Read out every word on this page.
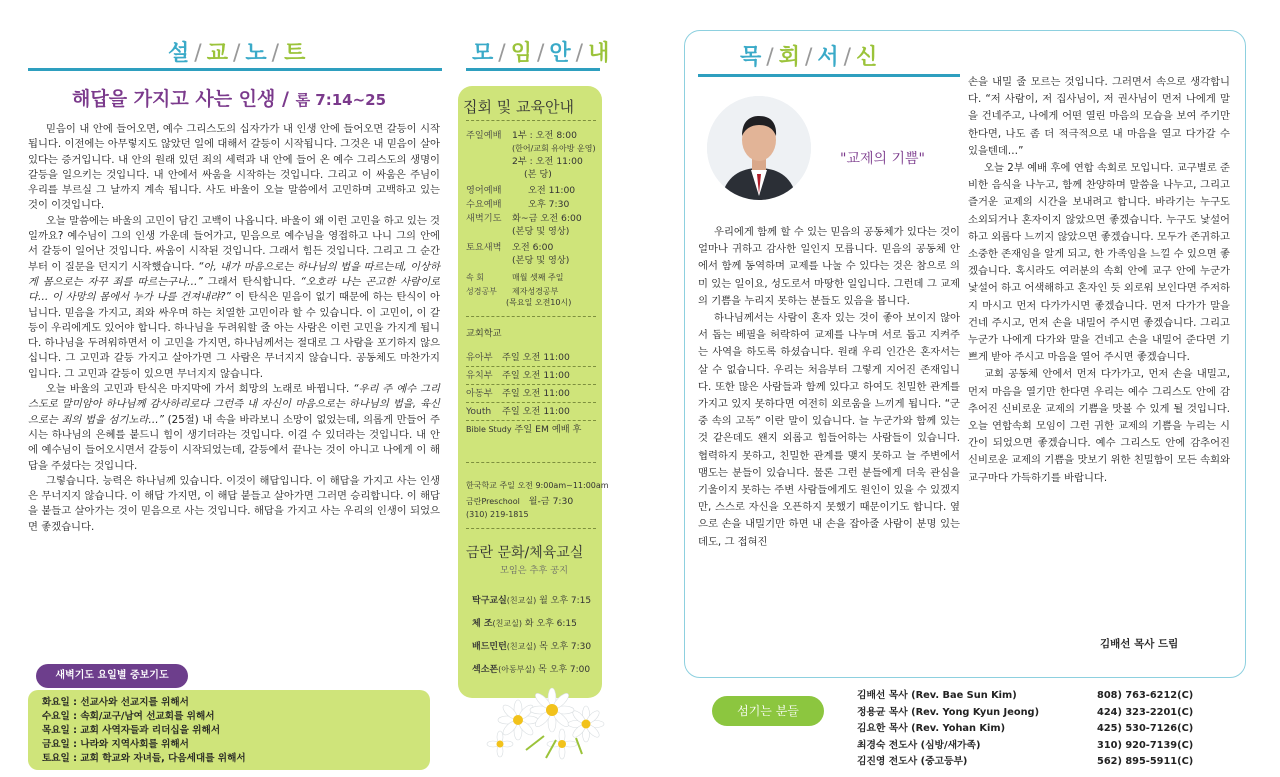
설 / 교 / 노 / 트
해답을 가지고 사는 인생 / 롬 7:14~25

믿음이 내 안에 들어오면, 예수 그리스도의 십자가가 내 인생 안에 들어오면 갈등이 시작됩니다. 이전에는 아무렇지도 않았던 일에 대해서 갈등이 시작됩니다. 그것은 내 믿음이 살아 있다는 증거입니다. 내 안의 원래 있던 죄의 세력과 내 안에 들어 온 예수 그리스도의 생명이 갈등을 일으키는 것입니다. 내 안에서 싸움을 시작하는 것입니다. 그리고 이 싸움은 주님이 우리를 부르실 그 날까지 계속 됩니다. 사도 바울이 오늘 말씀에서 고민하며 고백하고 있는 것이 이것입니다.

오늘 말씀에는 바울의 고민이 담긴 고백이 나옵니다. 바울이 왜 이런 고민을 하고 있는 것일까요? 예수님이 그의 인생 가운데 들어가고, 믿음으로 예수님을 영접하고 나니 그의 안에서 갈등이 일어난 것입니다. 싸움이 시작된 것입니다. 그래서 힘든 것입니다. 그리고 그 순간부터 이 질문을 던지기 시작했습니다. “아, 내가 마음으로는 하나님의 법을 따르는데, 이상하게 몸으로는 자꾸 죄를 따르는구나…” 그래서 탄식합니다. “오호라 나는 곤고한 사람이로다… 이 사망의 몸에서 누가 나를 건져내랴?” 이 탄식은 믿음이 없기 때문에 하는 탄식이 아닙니다. 믿음을 가지고, 죄와 싸우며 하는 치열한 고민이라 할 수 있습니다. 이 고민이, 이 갈등이 우리에게도 있어야 합니다. 하나님을 두려워할 줄 아는 사람은 이런 고민을 가지게 됩니다. 하나님을 두려워하면서 이 고민을 가지면, 하나님께서는 절대로 그 사람을 포기하지 않으십니다. 그 고민과 갈등 가지고 살아가면 그 사람은 무너지지 않습니다. 공동체도 마찬가지 입니다. 그 고민과 갈등이 있으면 무너지지 않습니다.

오늘 바울의 고민과 탄식은 마지막에 가서 희망의 노래로 바뀝니다. “우리 주 예수 그리스도로 말미암아 하나님께 감사하리로다 그런즉 내 자신이 마음으로는 하나님의 법을, 육신으로는 죄의 법을 섬기노라…” (25절) 내 속을 바라보니 소망이 없었는데, 의롭게 만들어 주시는 하나님의 은혜를 붙드니 힘이 생기더라는 것입니다. 이걸 수 있더라는 것입니다. 내 안에 예수님이 들어오시면서 갈등이 시작되었는데, 갈등에서 끝나는 것이 아니고 나에게 이 해답을 주셨다는 것입니다.

그렇습니다. 능력은 하나님께 있습니다. 이것이 해답입니다. 이 해답을 가지고 사는 인생은 무너지지 않습니다. 이 해답 가지면, 이 해답 붙들고 살아가면 그러면 승리합니다. 이 해답을 붙들고 살아가는 것이 믿음으로 사는 것입니다. 해답을 가지고 사는 우리의 인생이 되었으면 좋겠습니다.

새벽기도 요일별 중보기도
화요일 : 선교사와 선교지를 위해서
수요일 : 속회/교구/남여 선교회를 위해서
목요일 : 교회 사역자들과 리더십을 위해서
금요일 : 나라와 지역사회를 위해서
토요일 : 교회 학교와 자녀들, 다음세대를 위해서
모 / 임 / 안 / 내
집회 및 교육안내
주일예배 1부 : 오전 8:00
(한어/교회 유아방 운영)
2부 : 오전 11:00
(본 당)
영어예배	오전 11:00
수요예배	오후 7:30
새벽기도 화~금 오전 6:00
(본당 및 영상)
토요새벽 오전 6:00
(본당 및 영상)
속 회	매월 셋째 주일
성경공부 제자성경공부
(목요일 오전10시)
교회학교
유아부 주일 오전 11:00
유치부 주일 오전 11:00
아동부 주일 오전 11:00
Youth 주일 오전 11:00
Bible Study 주일 EM 예배 후
한국학교 주일 오전 9:00am~11:00am
금란Preschool 월-금 7:30
(310) 219-1815
금란 문화/체육교실
모임은 추후 공지
탁구교실(친교실) 월 오후 7:15
체 조(친교실) 화 오후 6:15
배드민턴(친교실) 목 오후 7:30
섹소폰(아동부실) 목 오후 7:00
목 / 회 / 서 / 신
"교제의 기쁨"

우리에게 함께 할 수 있는 믿음의 공동체가 있다는 것이 얼마나 귀하고 감사한 일인지 모릅니다. 믿음의 공동체 안에서 함께 동역하며 교제를 나눌 수 있다는 것은 참으로 의미 있는 일이요, 성도로서 마땅한 일입니다. 그런데 그 교제의 기쁨을 누리지 못하는 분들도 있음을 봅니다.

하나님께서는 사람이 혼자 있는 것이 좋아 보이지 않아서 돕는 베필을 허락하여 교제를 나누며 서로 돕고 지켜주는 사역을 하도록 하셨습니다. 원래 우리 인간은 혼자서는 살 수 없습니다. 우리는 처음부터 그렇게 지어진 존재입니다. 또한 많은 사람들과 함께 있다고 하여도 친밀한 관계를 가지고 있지 못하다면 여전히 외로움을 느끼게 됩니다. “군중 속의 고독” 이란 말이 있습니다. 늘 누군가와 함께 있는 것 같은데도 왠지 외롭고 힘들어하는 사람들이 있습니다. 협력하지 못하고, 친밀한 관계를 맺지 못하고 늘 주변에서 맴도는 분들이 있습니다. 물론 그런 분들에게 더욱 관심을 기울이지 못하는 주변 사람들에게도 원인이 있을 수 있겠지만, 스스로 자신을 오픈하지 못했기 때문이기도 합니다. 옆으로 손을 내밀기만 하면 내 손을 잡아줄 사람이 분명 있는데도, 그 접혀진

손을 내밀 줄 모르는 것입니다. 그러면서 속으로 생각합니다. “저 사람이, 저 집사님이, 저 권사님이 먼저 나에게 말을 건네주고, 나에게 어떤 열린 마음의 모습을 보여 주기만 한다면, 나도 좀 더 적극적으로 내 마음을 열고 다가갈 수 있을텐데…”

오늘 2부 예배 후에 연합 속회로 모입니다. 교구별로 준비한 음식을 나누고, 함께 찬양하며 말씀을 나누고, 그리고 즐거운 교제의 시간을 보내려고 합니다. 바라기는 누구도 소외되거나 혼자이지 않았으면 좋겠습니다. 누구도 낯설어 하고 외롭다 느끼지 않았으면 좋겠습니다. 모두가 존귀하고 소중한 존재임을 알게 되고, 한 가족임을 느낄 수 있으면 좋겠습니다. 혹시라도 여러분의 속회 안에 교구 안에 누군가 낯설어 하고 어색해하고 혼자인 듯 외로워 보인다면 주저하지 마시고 먼저 다가가시면 좋겠습니다. 먼저 다가가 말을 건네 주시고, 먼저 손을 내밀어 주시면 좋겠습니다. 그리고 누군가 나에게 다가와 말을 건네고 손을 내밀어 준다면 기쁘게 받아 주시고 마음을 열어 주시면 좋겠습니다.

교회 공동체 안에서 먼저 다가가고, 먼저 손을 내밀고, 먼저 마음을 열기만 한다면 우리는 예수 그리스도 안에 감추어진 신비로운 교제의 기쁨을 맛볼 수 있게 될 것입니다. 오늘 연합속회 모임이 그런 귀한 교제의 기쁨을 누리는 시간이 되었으면 좋겠습니다. 예수 그리스도 안에 감추어진 신비로운 교제의 기쁨을 맛보기 위한 친밀함이 모든 속회와 교구마다 가득하기를 바랍니다.

김배선 목사 드림
섬기는 분들
김배선 목사 (Rev. Bae Sun Kim)	808) 763-6212(C)
정용균 목사 (Rev. Yong Kyun Jeong)	424) 323-2201(C)
김요한 목사 (Rev. Yohan Kim)	425) 530-7126(C)
최경숙 전도사 (심방/새가족)	310) 920-7139(C)
김진영 전도사 (중고등부)	562) 895-5911(C)
